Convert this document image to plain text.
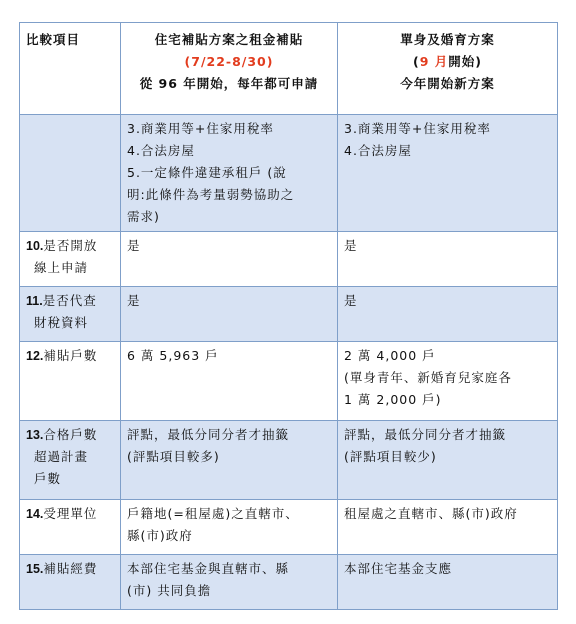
比較項目	住宅補貼方案之租金補貼
(7/22-8/30)
從 96 年開始，每年都可申請	單身及婚育方案
(9 月開始)
今年開始新方案

	3.商業用等+住家用稅率
4.合法房屋
5.一定條件違建承租戶 (說
明:此條件為考量弱勢協助之
需求)	3.商業用等+住家用稅率
4.合法房屋

10.是否開放
線上申請	是	是

11.是否代查
財稅資料	是	是

12.補貼戶數	6 萬 5,963 戶	2 萬 4,000 戶
(單身青年、新婚育兒家庭各
1 萬 2,000 戶)

13.合格戶數
超過計畫
戶數	評點，最低分同分者才抽籤
(評點項目較多)	評點，最低分同分者才抽籤
(評點項目較少)

14.受理單位	戶籍地(=租屋處)之直轄市、
縣(市)政府	租屋處之直轄市、縣(市)政府

15.補貼經費	本部住宅基金與直轄市、縣
(市) 共同負擔	本部住宅基金支應
